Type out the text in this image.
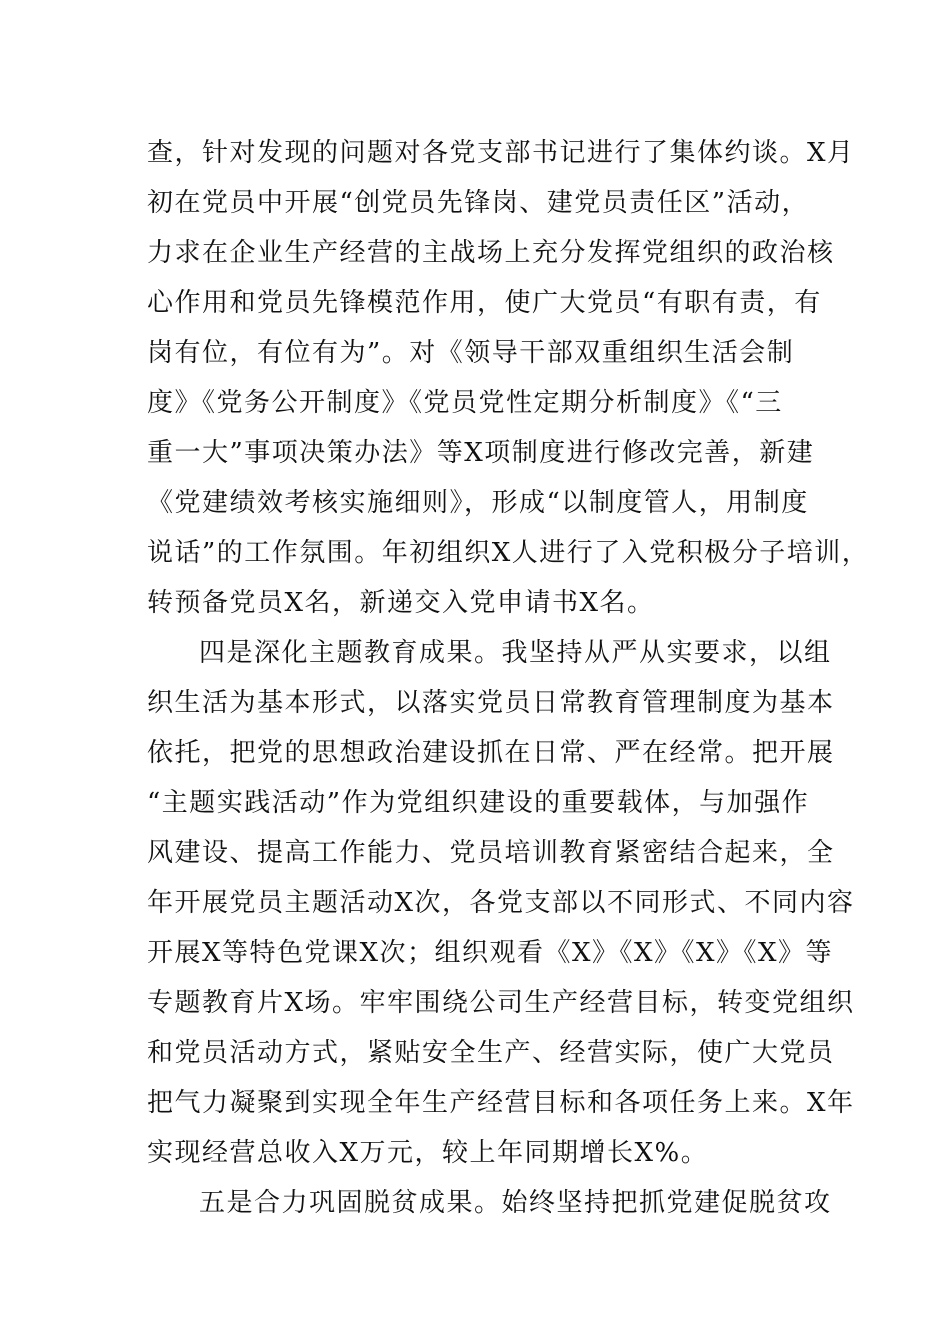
查，针对发现的问题对各党支部书记进行了集体约谈。X月
初在党员中开展“创党员先锋岗、建党员责任区”活动，
力求在企业生产经营的主战场上充分发挥党组织的政治核
心作用和党员先锋模范作用，使广大党员“有职有责，有
岗有位，有位有为”。对《领导干部双重组织生活会制
度》《党务公开制度》《党员党性定期分析制度》《“三
重一大”事项决策办法》等X项制度进行修改完善，新建
《党建绩效考核实施细则》，形成“以制度管人，用制度
说话”的工作氛围。年初组织X人进行了入党积极分子培训，
转预备党员X名，新递交入党申请书X名。
四是深化主题教育成果。我坚持从严从实要求，以组
织生活为基本形式，以落实党员日常教育管理制度为基本
依托，把党的思想政治建设抓在日常、严在经常。把开展
“主题实践活动”作为党组织建设的重要载体，与加强作
风建设、提高工作能力、党员培训教育紧密结合起来，全
年开展党员主题活动X次，各党支部以不同形式、不同内容
开展X等特色党课X次；组织观看《X》《X》《X》《X》等
专题教育片X场。牢牢围绕公司生产经营目标，转变党组织
和党员活动方式，紧贴安全生产、经营实际，使广大党员
把气力凝聚到实现全年生产经营目标和各项任务上来。X年
实现经营总收入X万元，较上年同期增长X%。
五是合力巩固脱贫成果。始终坚持把抓党建促脱贫攻
